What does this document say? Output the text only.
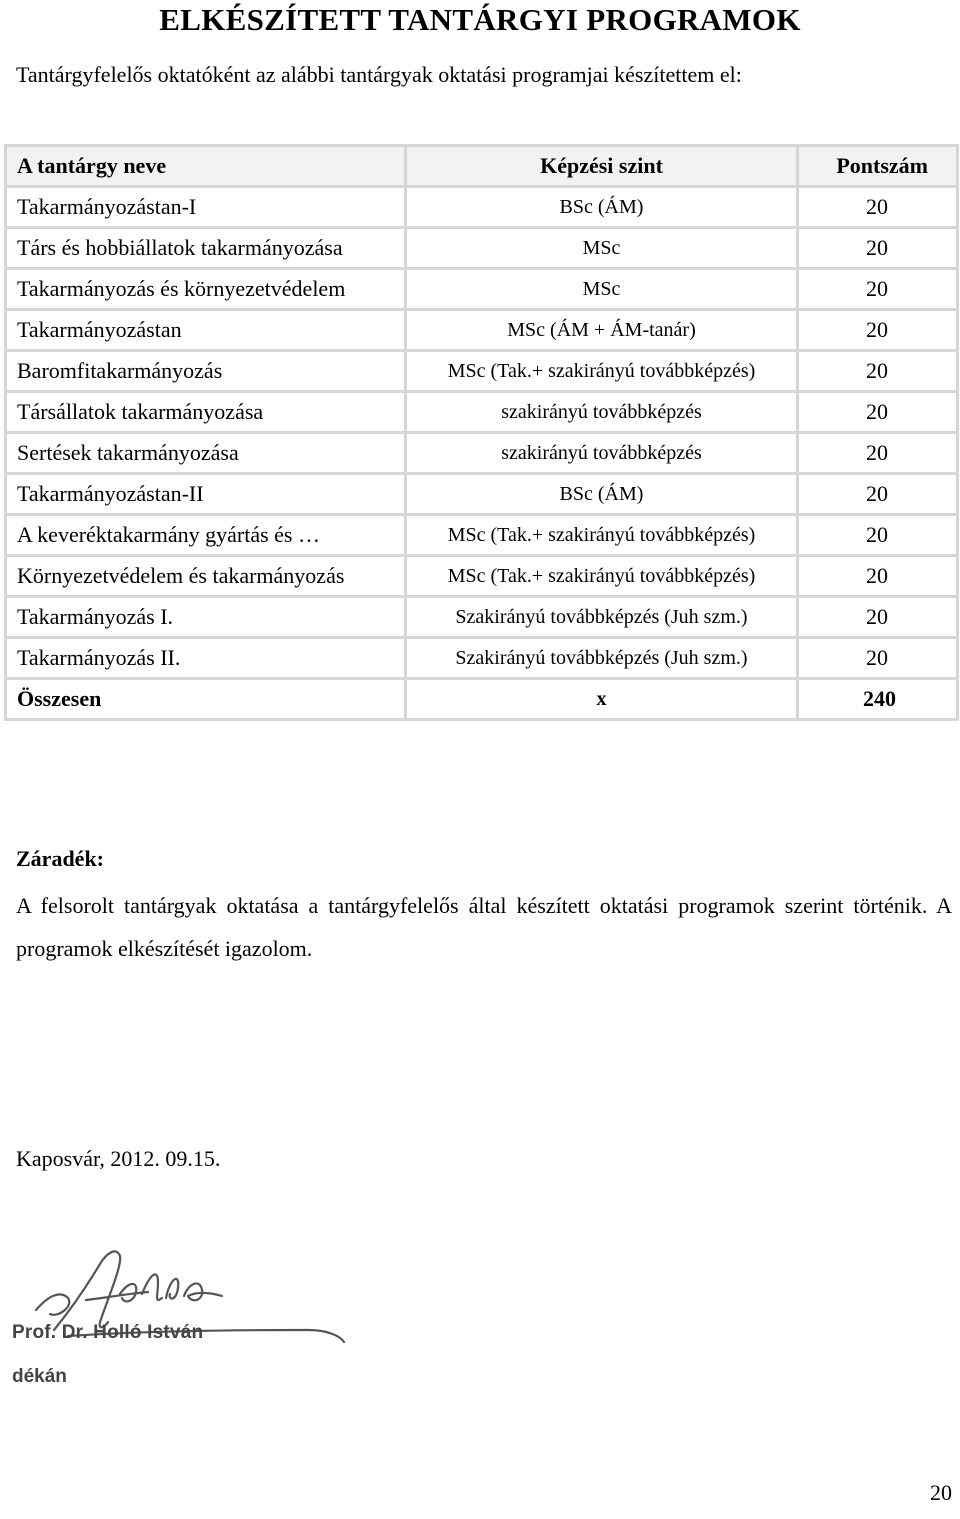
ELKÉSZÍTETT TANTÁRGYI PROGRAMOK
Tantárgyfelelős oktatóként az alábbi tantárgyak oktatási programjai készítettem el:
A tantárgy neve	Képzési szint	Pontszám
Takarmányozástan-I	BSc (ÁM)	20
Társ és hobbiállatok takarmányozása	MSc	20
Takarmányozás és környezetvédelem	MSc	20
Takarmányozástan	MSc (ÁM + ÁM-tanár)	20
Baromfitakarmányozás	MSc (Tak.+ szakirányú továbbképzés)	20
Társállatok takarmányozása	szakirányú továbbképzés	20
Sertések takarmányozása	szakirányú továbbképzés	20
Takarmányozástan-II	BSc (ÁM)	20
A keveréktakarmány gyártás és …	MSc (Tak.+ szakirányú továbbképzés)	20
Környezetvédelem és takarmányozás	MSc (Tak.+ szakirányú továbbképzés)	20
Takarmányozás I.	Szakirányú továbbképzés (Juh szm.)	20
Takarmányozás II.	Szakirányú továbbképzés (Juh szm.)	20
Összesen	x	240
Záradék:
A felsorolt tantárgyak oktatása a tantárgyfelelős által készített oktatási programok szerint történik. A programok elkészítését igazolom.
Kaposvár, 2012. 09.15.
Prof. Dr. Holló István
dékán
20
